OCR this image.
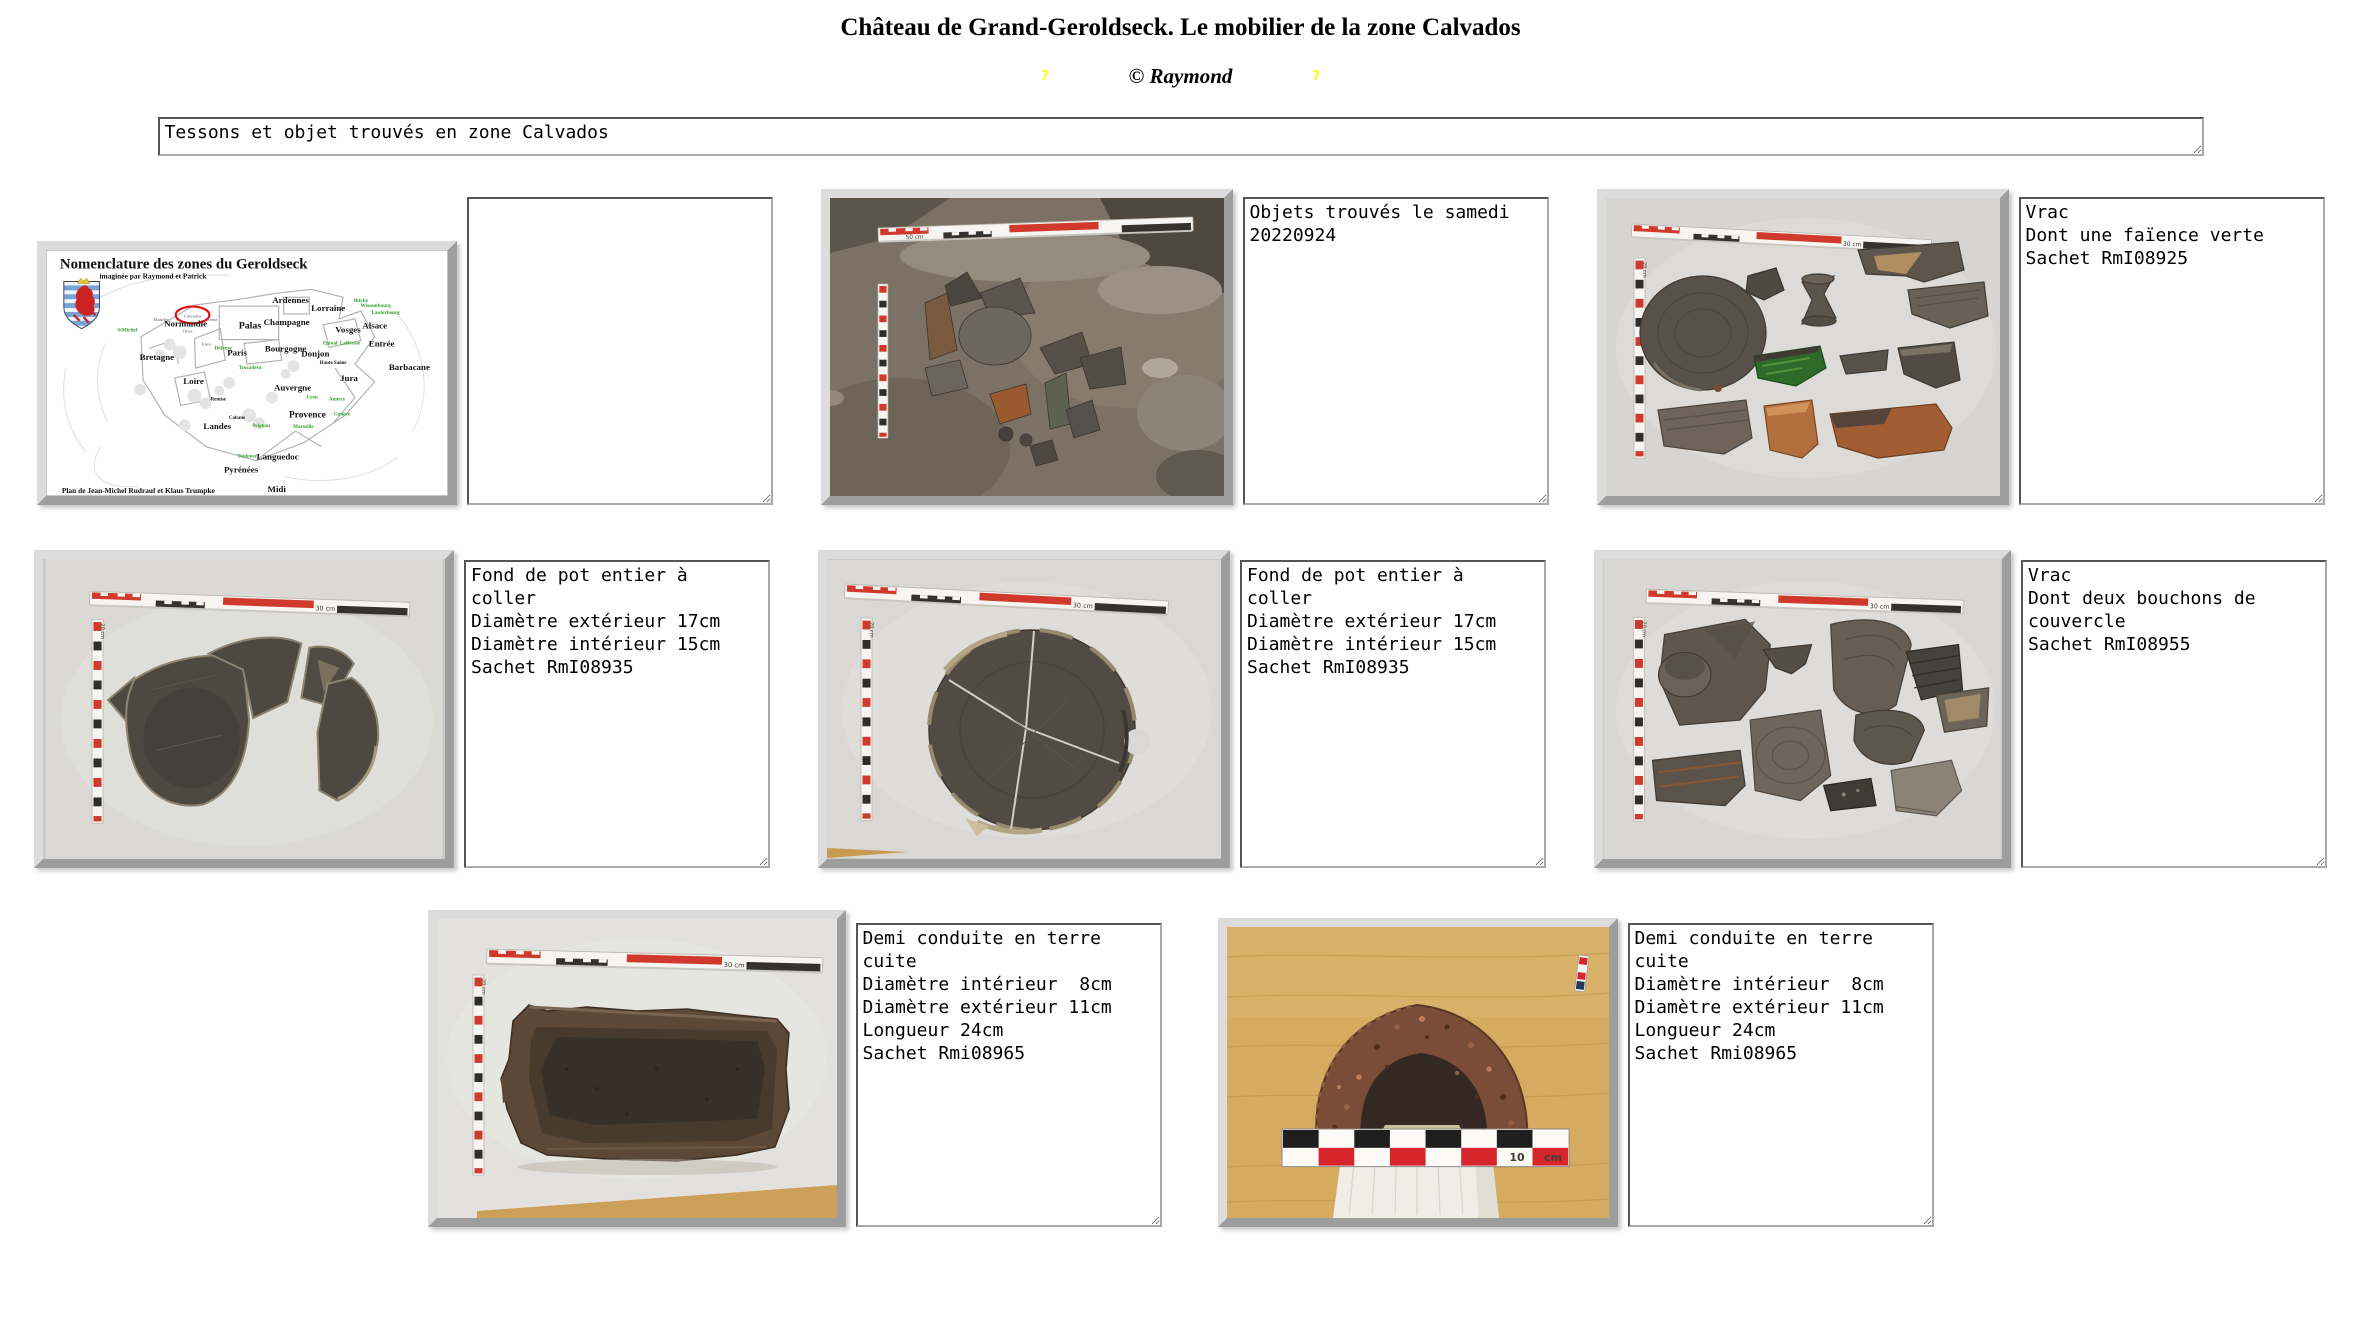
Château de Grand-Geroldseck. Le mobilier de la zone Calvados
?	© Raymond	?
Tessons et objet trouvés en zone Calvados
Nomenclature des zones du Geroldseck
imaginée par Raymond et Patrick
Plan de Jean-Michel Rudrauf et Klaus Trumpke
Ardennes
Lorraine
Champagne
Vosges Alsace
Palas
Normandie
Manche
Calvados
Seine
Orne
Eure
Bretagne	Paris Bourgogne
Donjon
Haute Saône
Entrée
Barbacane
Loire	Jura
Auvergne
Provence
Remise
Cabane
Landes
Languedoc
Pyrénées
Midi
Bitche
Wissembourg
Lauterbourg
StMichel
Défense
Epinal LaBresse
Trocadéro
Lyon Annecy
Genève
Marseille
Avignon
Toulouse
50 cm
Objets trouvés le samedi 20220924
30 cm
20 cm
Vrac Dont une faïence verte Sachet RmI08925
30 cm
20 cm
Fond de pot entier à coller Diamètre extérieur 17cm Diamètre intérieur 15cm Sachet RmI08935
30 cm
20 cm
Fond de pot entier à coller Diamètre extérieur 17cm Diamètre intérieur 15cm Sachet RmI08935
30 cm
20 cm
Vrac Dont deux bouchons de couvercle Sachet RmI08955
30 cm
20 cm
Demi conduite en terre cuite Diamètre intérieur 8cm Diamètre extérieur 11cm Longueur 24cm Sachet Rmi08965
10 cm
Demi conduite en terre cuite Diamètre intérieur 8cm Diamètre extérieur 11cm Longueur 24cm Sachet Rmi08965
